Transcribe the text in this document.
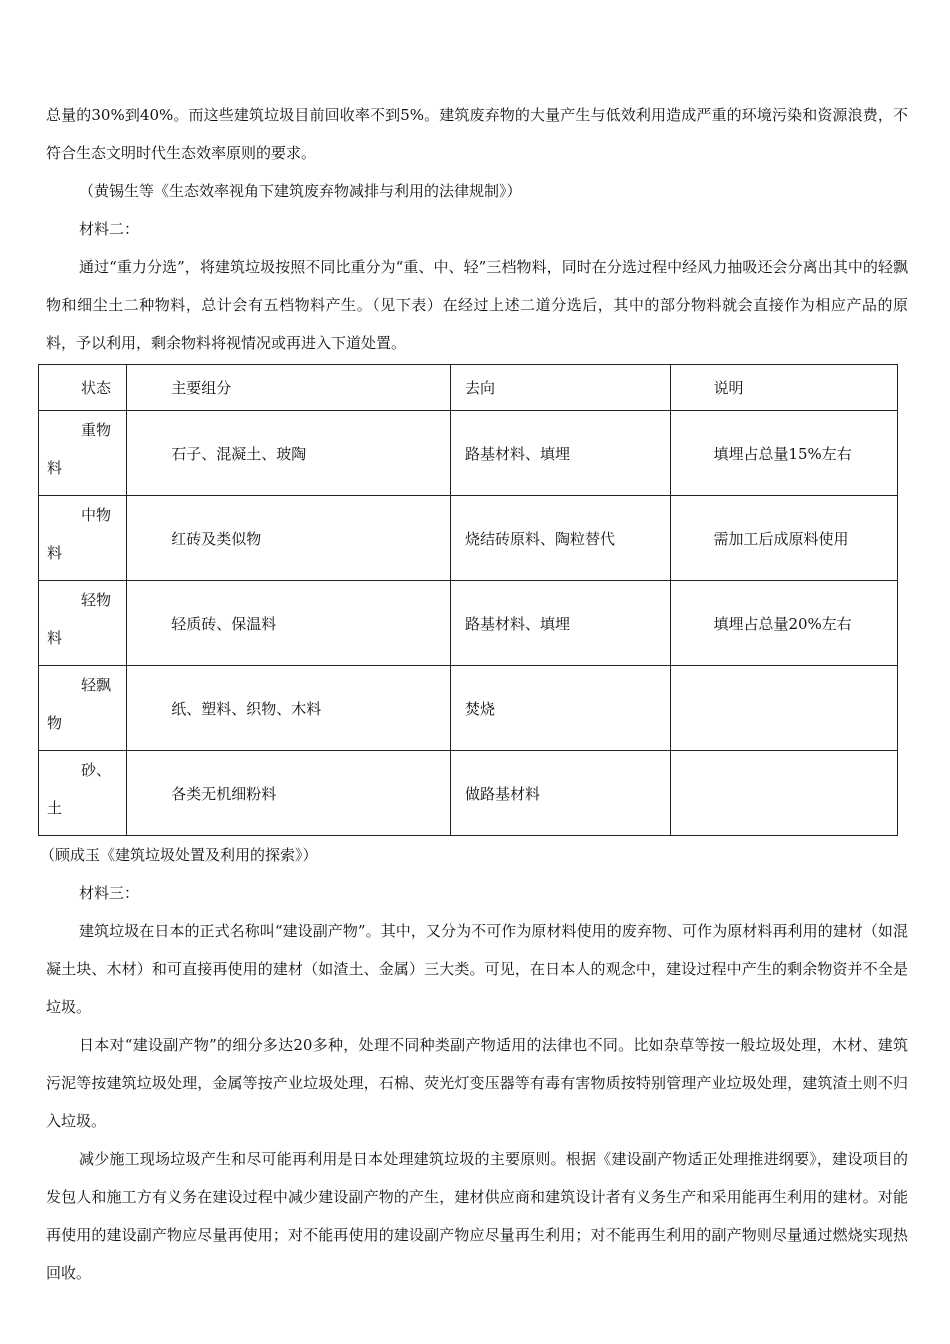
总量的30%到40%。而这些建筑垃圾目前回收率不到5%。建筑废弃物的大量产生与低效利用造成严重的环境污染和资源浪费，不符合生态文明时代生态效率原则的要求。

（黄锡生等《生态效率视角下建筑废弃物减排与利用的法律规制》）

材料二：

通过“重力分选”，将建筑垃圾按照不同比重分为“重、中、轻”三档物料，同时在分选过程中经风力抽吸还会分离出其中的轻飘物和细尘土二种物料，总计会有五档物料产生。（见下表）在经过上述二道分选后，其中的部分物料就会直接作为相应产品的原料，予以利用，剩余物料将视情况或再进入下道处置。

状态	主要组分	去向	说明

重物
料	石子、混凝土、玻陶	路基材料、填埋	填埋占总量15%左右

中物
料	红砖及类似物	烧结砖原料、陶粒替代	需加工后成原料使用

轻物
料	轻质砖、保温料	路基材料、填埋	填埋占总量20%左右

轻飘
物	纸、塑料、织物、木料	焚烧	

砂、
土	各类无机细粉料	做路基材料	

（顾成玉《建筑垃圾处置及利用的探索》）

材料三：

建筑垃圾在日本的正式名称叫“建设副产物”。其中，又分为不可作为原材料使用的废弃物、可作为原材料再利用的建材（如混凝土块、木材）和可直接再使用的建材（如渣土、金属）三大类。可见，在日本人的观念中，建设过程中产生的剩余物资并不全是垃圾。

日本对“建设副产物”的细分多达20多种，处理不同种类副产物适用的法律也不同。比如杂草等按一般垃圾处理，木材、建筑污泥等按建筑垃圾处理，金属等按产业垃圾处理，石棉、荧光灯变压器等有毒有害物质按特别管理产业垃圾处理，建筑渣土则不归入垃圾。

减少施工现场垃圾产生和尽可能再利用是日本处理建筑垃圾的主要原则。根据《建设副产物适正处理推进纲要》，建设项目的发包人和施工方有义务在建设过程中减少建设副产物的产生，建材供应商和建筑设计者有义务生产和采用能再生利用的建材。对能再使用的建设副产物应尽量再使用；对不能再使用的建设副产物应尽量再生利用；对不能再生利用的副产物则尽量通过燃烧实现热回收。
